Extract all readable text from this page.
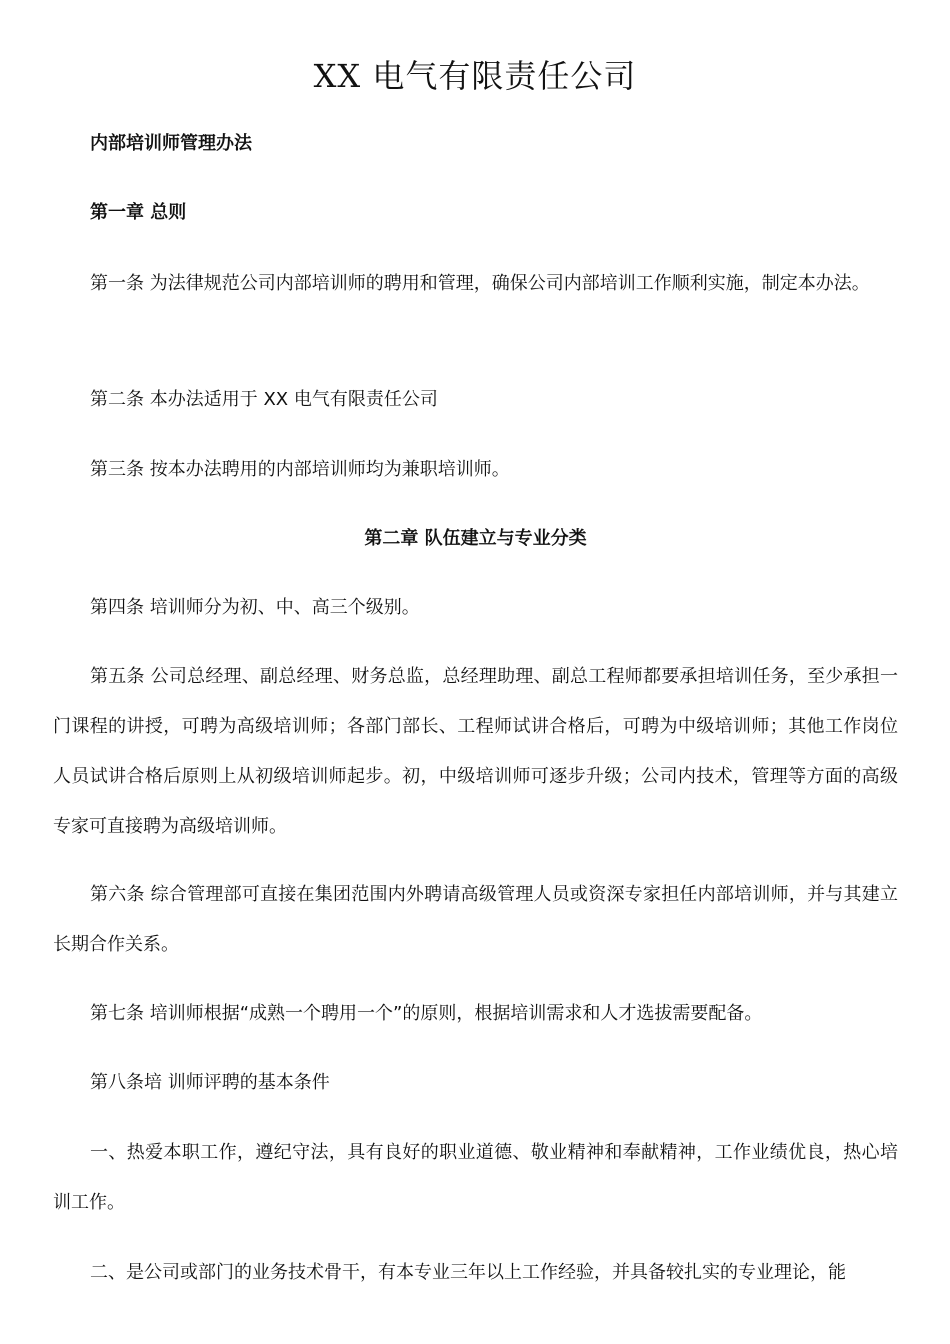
XX 电气有限责任公司
内部培训师管理办法
第一章 总则

第一条 为法律规范公司内部培训师的聘用和管理，确保公司内部培训工作顺利实施，制定本办法。

第二条 本办法适用于 XX 电气有限责任公司
第三条 按本办法聘用的内部培训师均为兼职培训师。
第二章 队伍建立与专业分类
第四条 培训师分为初、中、高三个级别。

第五条 公司总经理、副总经理、财务总监，总经理助理、副总工程师都要承担培训任务，至少承担一门课程的讲授，可聘为高级培训师；各部门部长、工程师试讲合格后，可聘为中级培训师；其他工作岗位人员试讲合格后原则上从初级培训师起步。初，中级培训师可逐步升级；公司内技术，管理等方面的高级专家可直接聘为高级培训师。

第六条 综合管理部可直接在集团范围内外聘请高级管理人员或资深专家担任内部培训师，并与其建立长期合作关系。

第七条 培训师根据“成熟一个聘用一个”的原则，根据培训需求和人才选拔需要配备。
第八条培 训师评聘的基本条件

一、热爱本职工作，遵纪守法，具有良好的职业道德、敬业精神和奉献精神，工作业绩优良，热心培训工作。

二、是公司或部门的业务技术骨干，有本专业三年以上工作经验，并具备较扎实的专业理论，能
